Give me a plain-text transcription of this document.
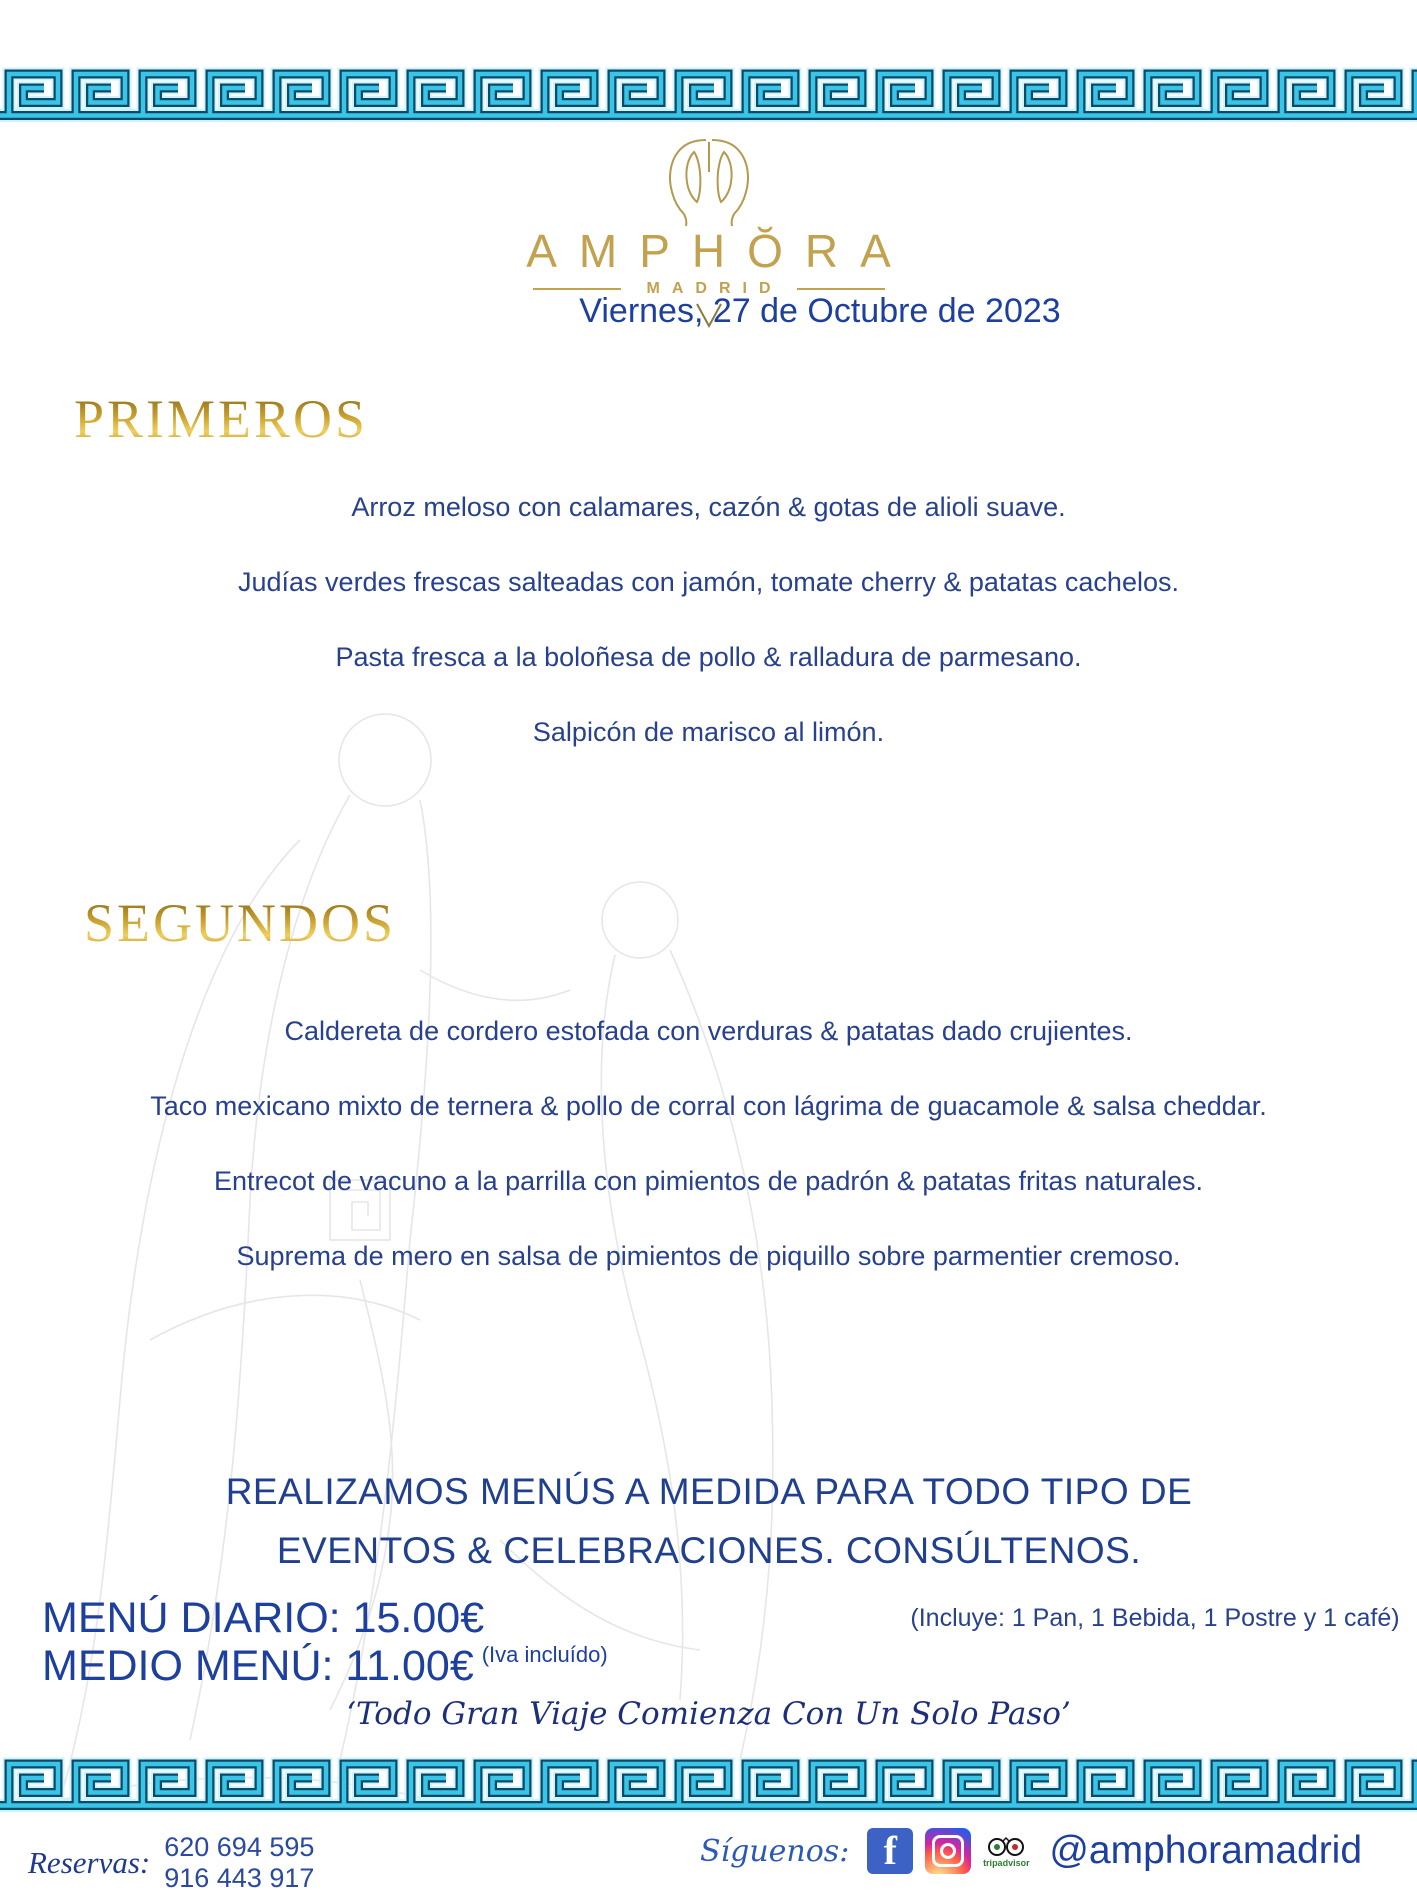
AMPHŎRA
MADRID
Viernes, 27 de Octubre de 2023
PRIMEROS
Arroz meloso con calamares, cazón & gotas de alioli suave.
Judías verdes frescas salteadas con jamón, tomate cherry & patatas cachelos.
Pasta fresca a la boloñesa de pollo & ralladura de parmesano.
Salpicón de marisco al limón.
SEGUNDOS
Caldereta de cordero estofada con verduras & patatas dado crujientes.
Taco mexicano mixto de ternera & pollo de corral con lágrima de guacamole & salsa cheddar.
Entrecot de vacuno a la parrilla con pimientos de padrón & patatas fritas naturales.
Suprema de mero en salsa de pimientos de piquillo sobre parmentier cremoso.
REALIZAMOS MENÚS A MEDIDA PARA TODO TIPO DE EVENTOS & CELEBRACIONES. CONSÚLTENOS.
MENÚ DIARIO: 15.00€
MEDIO MENÚ: 11.00€ $^{(Iva incluído)}$
(Incluye: 1 Pan, 1 Bebida, 1 Postre y 1 café)
‘Todo Gran Viaje Comienza Con Un Solo Paso’
Reservas: 620 694 595
916 443 917
Síguenos: f	tripadvisor @amphoramadrid
